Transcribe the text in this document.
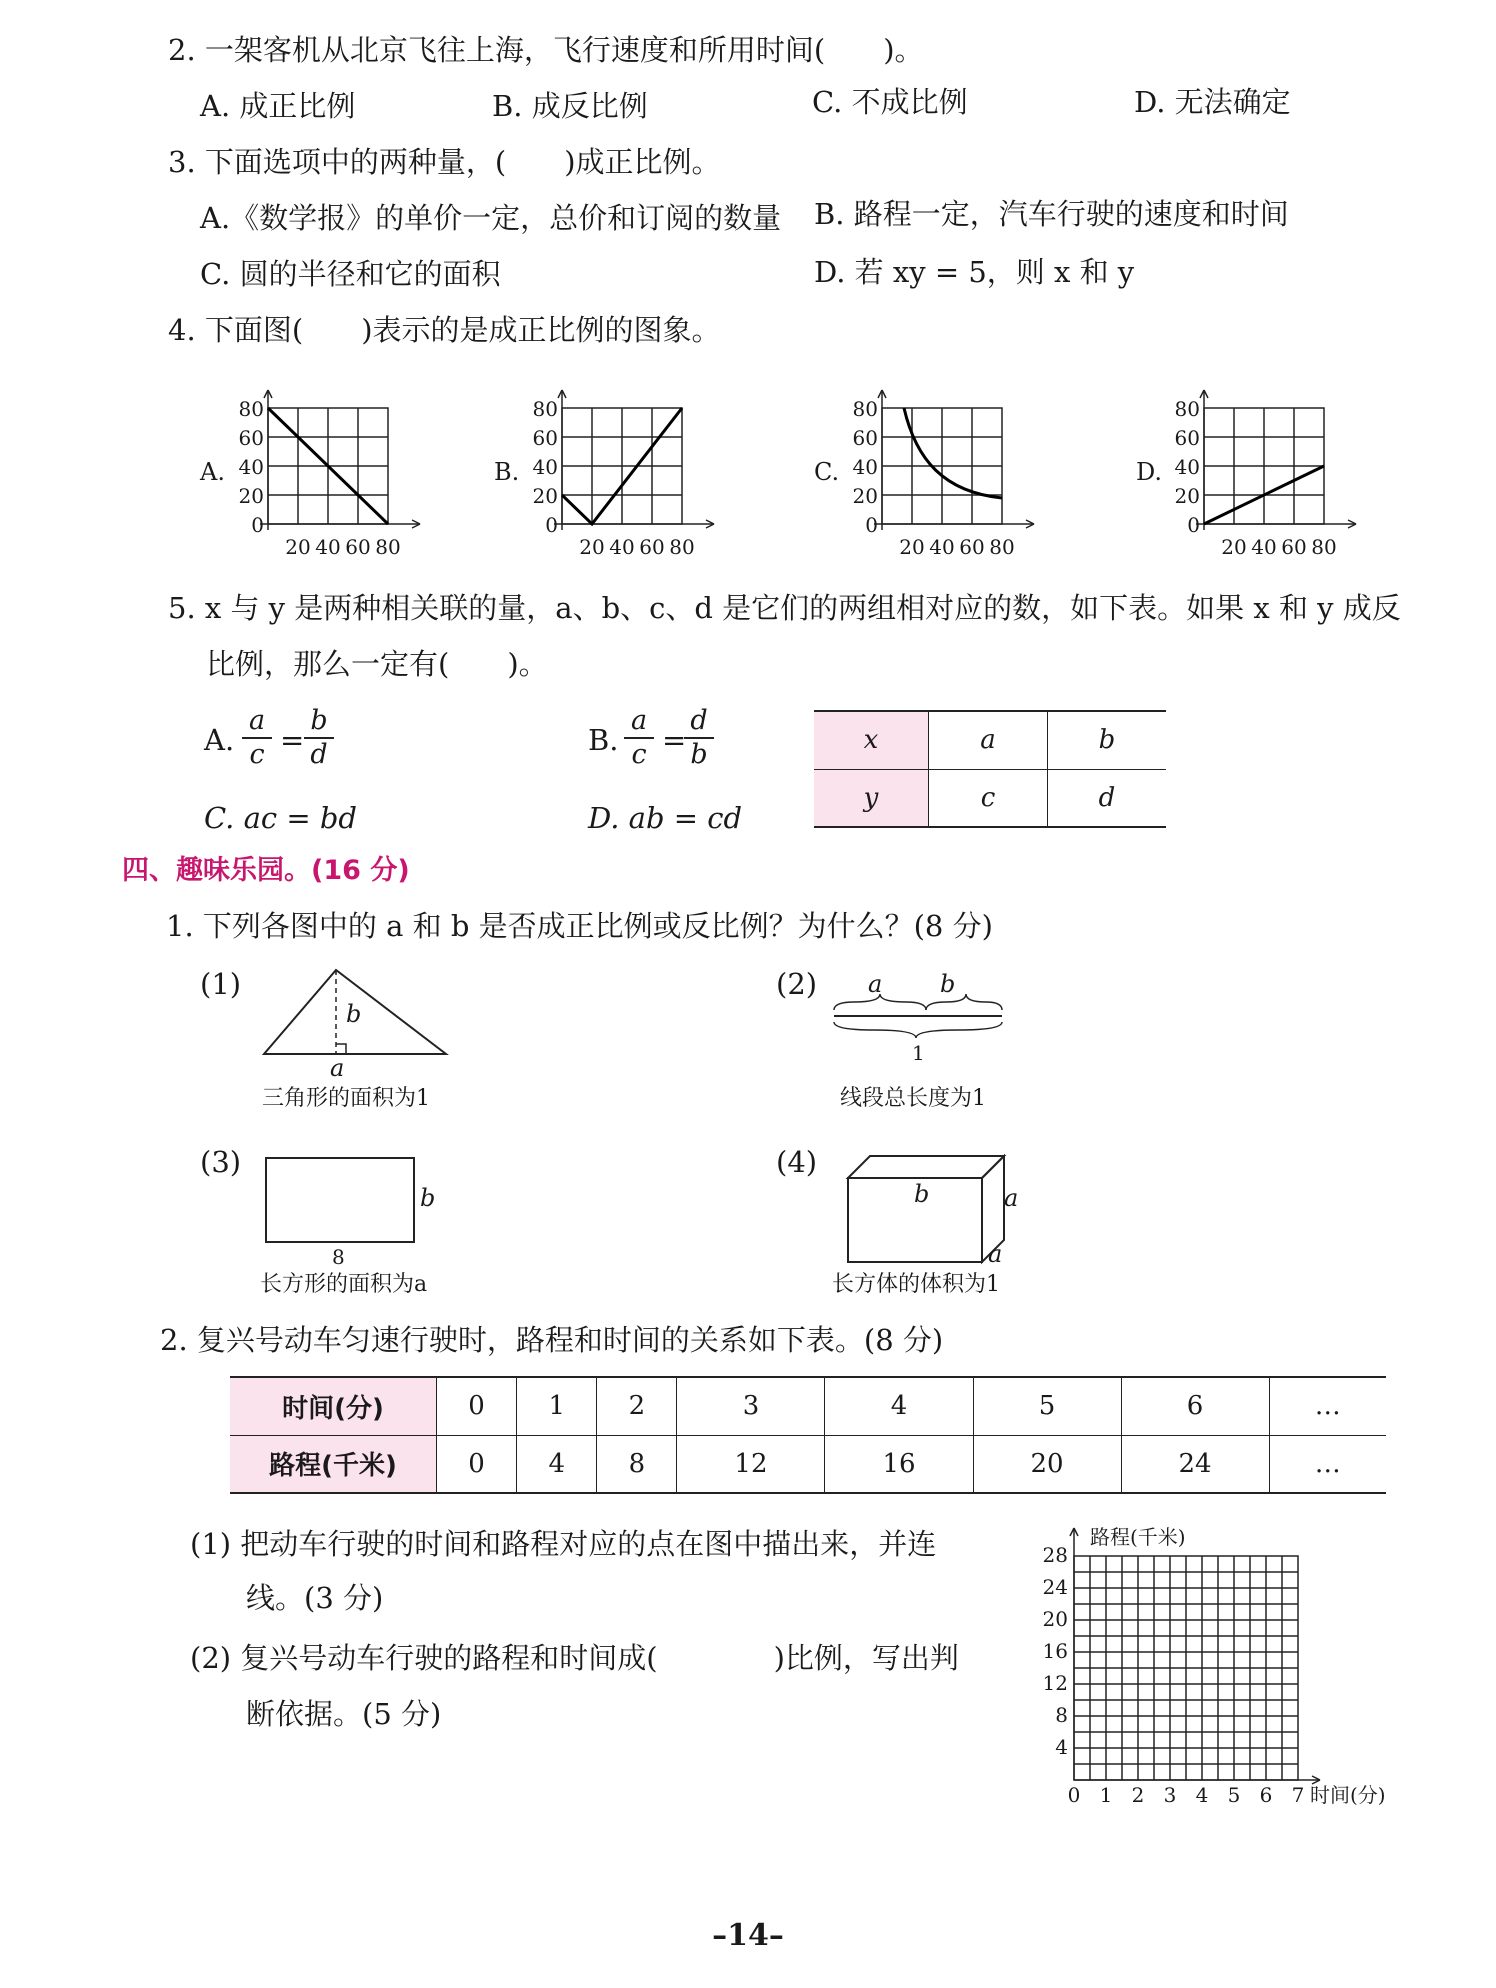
2. 一架客机从北京飞往上海，飞行速度和所用时间(　　)。
A. 成正比例	B. 成反比例	C. 不成比例	D. 无法确定
3. 下面选项中的两种量，(　　)成正比例。
A.《数学报》的单价一定，总价和订阅的数量 B. 路程一定，汽车行驶的速度和时间
C. 圆的半径和它的面积	D. 若 xy = 5，则 x 和 y
4. 下面图(　　)表示的是成正比例的图象。
A.
80
60
40
20
0
20 40 60 80
B.
80
60
40
20
0
20 40 60 80
C.
80
60
40
20
0
20 40 60 80
D.
80
60
40
20
0
20 40 60 80
5. x 与 y 是两种相关联的量，a、b、c、d 是它们的两组相对应的数，如下表。如果 x 和 y 成反
比例，那么一定有(　　)。
A.
a
c =
b
d	B.
a
c =
d
b
C. ac = bd	D. ab = cd
x	a	b
y	c	d
四、趣味乐园。(16 分)
1. 下列各图中的 a 和 b 是否成正比例或反比例？为什么？(8 分)
(1)
b
a
三角形的面积为1
(2) a b
1
线段总长度为1
(3)
b
8
长方形的面积为a
(4)
b	a
a
长方体的体积为1
2. 复兴号动车匀速行驶时，路程和时间的关系如下表。(8 分)
时间(分)	0	1	2	3	4	5	6	…
路程(千米)	0	4	8	12	16	20	24	…
(1) 把动车行驶的时间和路程对应的点在图中描出来，并连
线。(3 分)
(2) 复兴号动车行驶的路程和时间成(　　　　)比例，写出判
断依据。(5 分)
路程(千米)
28
24
20
16
12
8
4
0 1 2 3 4 5 6 7 时间(分)
–14–
